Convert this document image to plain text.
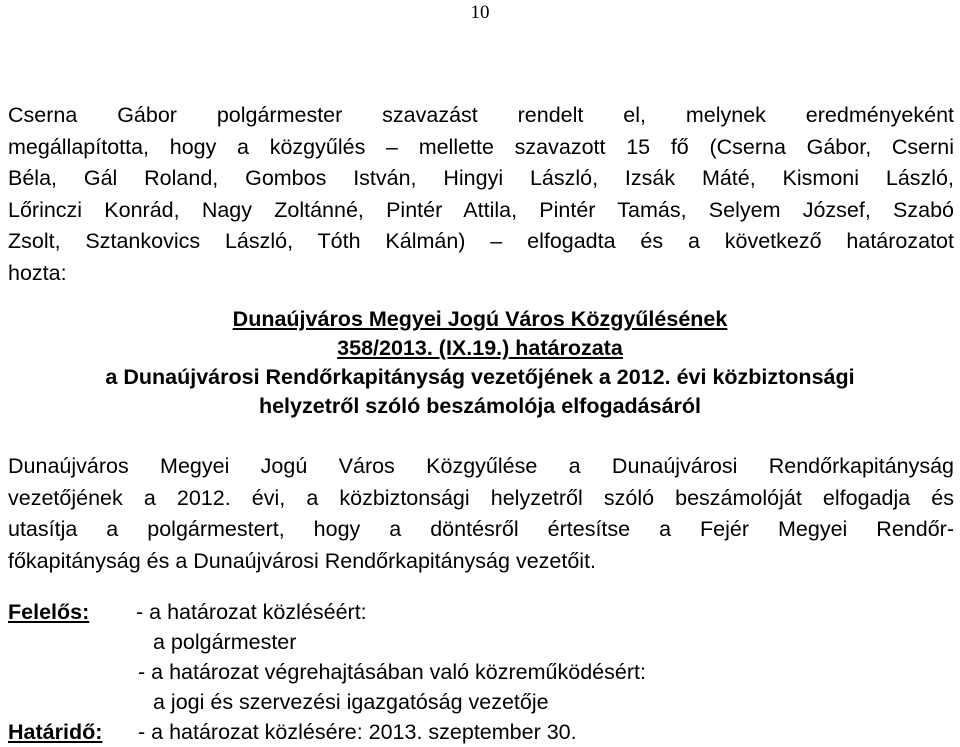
10
Cserna Gábor polgármester szavazást rendelt el, melynek eredményeként
megállapította, hogy a közgyűlés – mellette szavazott 15 fő (Cserna Gábor, Cserni
Béla, Gál Roland, Gombos István, Hingyi László, Izsák Máté, Kismoni László,
Lőrinczi Konrád, Nagy Zoltánné, Pintér Attila, Pintér Tamás, Selyem József, Szabó
Zsolt, Sztankovics László, Tóth Kálmán) – elfogadta és a következő határozatot
hozta:
Dunaújváros Megyei Jogú Város Közgyűlésének
358/2013. (IX.19.) határozata
a Dunaújvárosi Rendőrkapitányság vezetőjének a 2012. évi közbiztonsági
helyzetről szóló beszámolója elfogadásáról
Dunaújváros Megyei Jogú Város Közgyűlése a Dunaújvárosi Rendőrkapitányság
vezetőjének a 2012. évi, a közbiztonsági helyzetről szóló beszámolóját elfogadja és
utasítja a polgármestert, hogy a döntésről értesítse a Fejér Megyei Rendőr-
főkapitányság és a Dunaújvárosi Rendőrkapitányság vezetőit.
Felelős: - a határozat közléséért:
a polgármester
- a határozat végrehajtásában való közreműködésért:
a jogi és szervezési igazgatóság vezetője
Határidő: - a határozat közlésére: 2013. szeptember 30.
